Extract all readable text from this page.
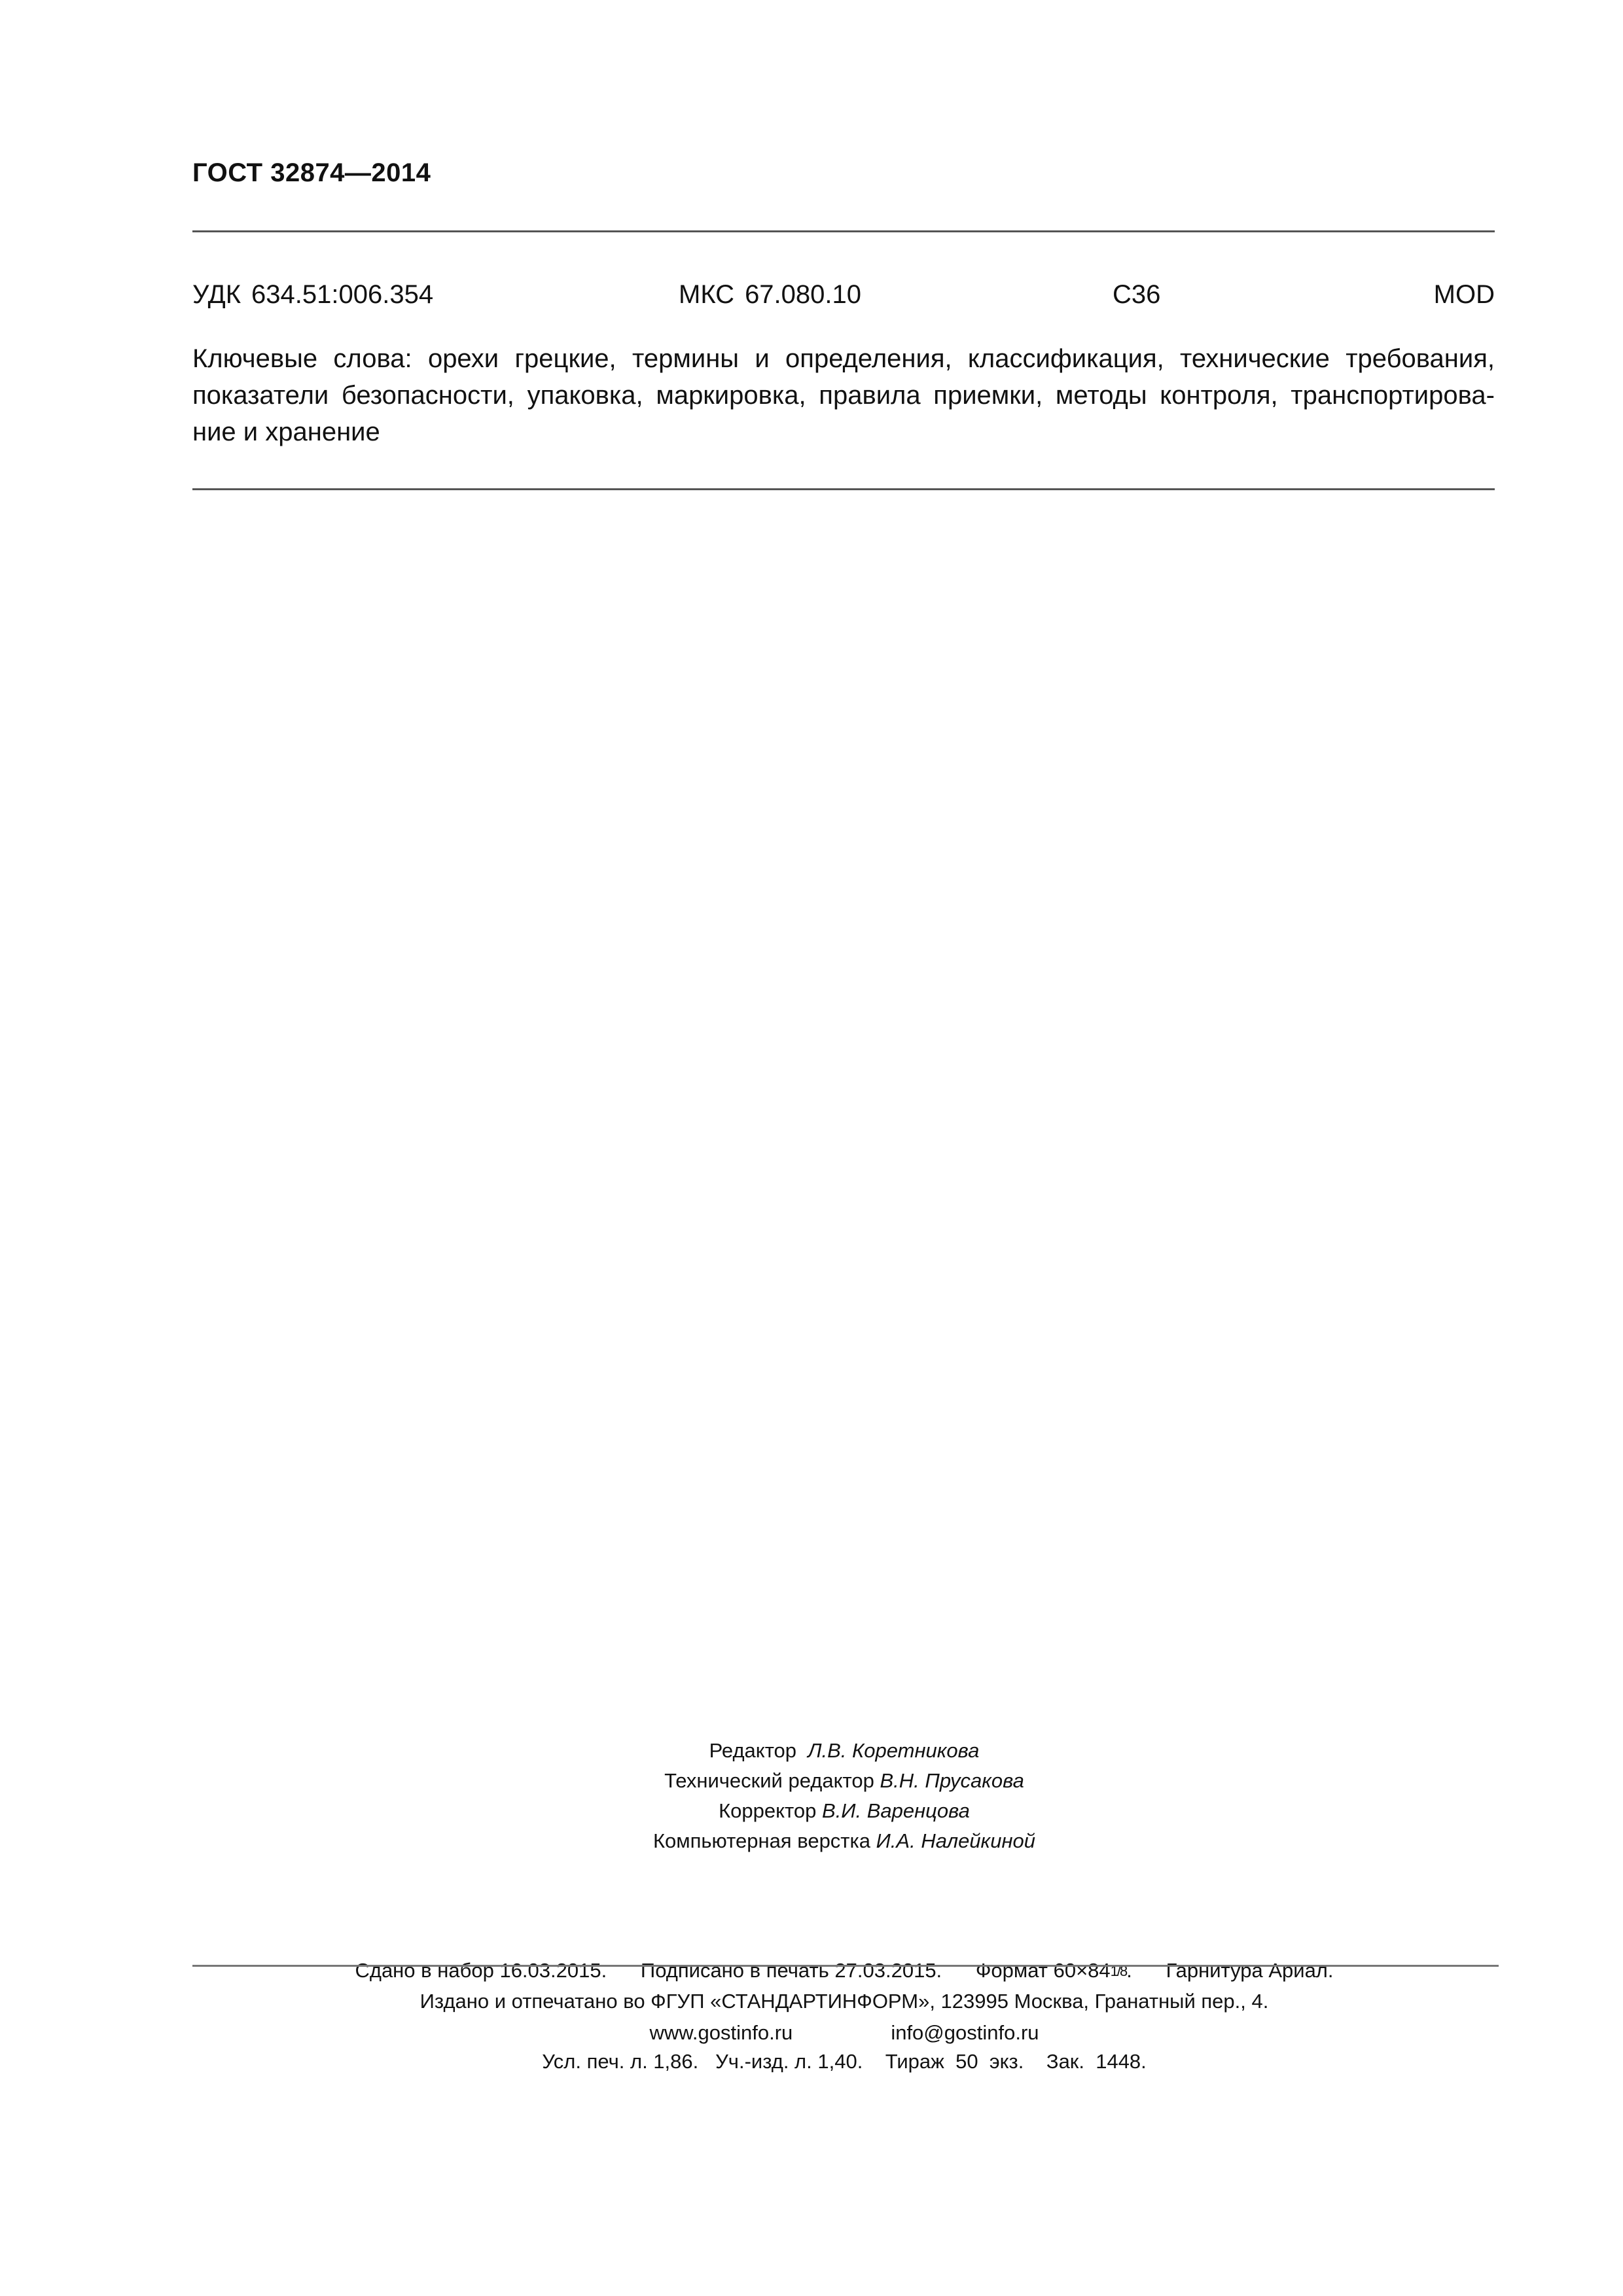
ГОСТ 32874—2014
УДК 634.51:006.354	МКС 67.080.10	С36	MOD
Ключевые слова: орехи грецкие, термины и определения, классификация, технические требования,
показатели безопасности, упаковка, маркировка, правила приемки, методы контроля, транспортирова-
ние и хранение
Редактор Л.В. Коретникова
Технический редактор В.Н. Прусакова
Корректор В.И. Варенцова
Компьютерная верстка И.А. Налейкиной

Сдано в набор 16.03.2015. Подписано в печать 27.03.2015. Формат 60×841/8. Гарнитура Ариал.

Усл. печ. л. 1,86. Уч.-изд. л. 1,40. Тираж  50  экз. Зак.  1448.

Издано и отпечатано во ФГУП «СТАНДАРТИНФОРМ», 123995 Москва, Гранатный пер., 4.
www.gostinfo.ru	info@gostinfo.ru
